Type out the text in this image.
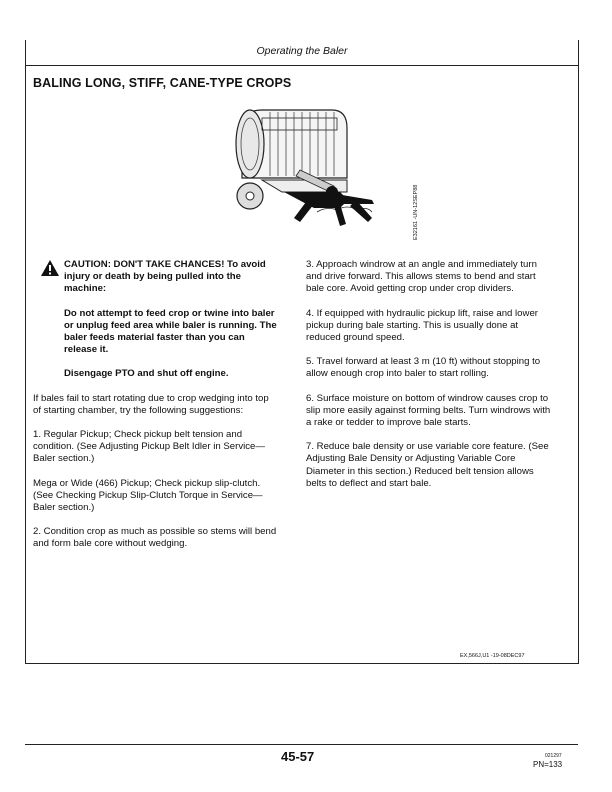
Operating the Baler
BALING LONG, STIFF, CANE-TYPE CROPS
E32161 -UN-12SEP88

CAUTION: DON'T TAKE CHANCES! To avoid injury or death by being pulled into the machine:

Do not attempt to feed crop or twine into baler or unplug feed area while baler is running. The baler feeds material faster than you can release it.

Disengage PTO and shut off engine.

If bales fail to start rotating due to crop wedging into top of starting chamber, try the following suggestions:

1. Regular Pickup; Check pickup belt tension and condition. (See Adjusting Pickup Belt Idler in Service—Baler section.)

Mega or Wide (466) Pickup; Check pickup slip-clutch. (See Checking Pickup Slip-Clutch Torque in Service—Baler section.)

2. Condition crop as much as possible so stems will bend and form bale core without wedging.

3. Approach windrow at an angle and immediately turn and drive forward. This allows stems to bend and start bale core. Avoid getting crop under crop dividers.

4. If equipped with hydraulic pickup lift, raise and lower pickup during bale starting. This is usually done at reduced ground speed.

5. Travel forward at least 3 m (10 ft) without stopping to allow enough crop into baler to start rolling.

6. Surface moisture on bottom of windrow causes crop to slip more easily against forming belts. Turn windrows with a rake or tedder to improve bale starts.

7. Reduce bale density or use variable core feature. (See Adjusting Bale Density or Adjusting Variable Core Diameter in this section.) Reduced belt tension allows belts to deflect and start bale.

EX,566J,U1 -19-08DEC97
45-57	021297
PN=133
